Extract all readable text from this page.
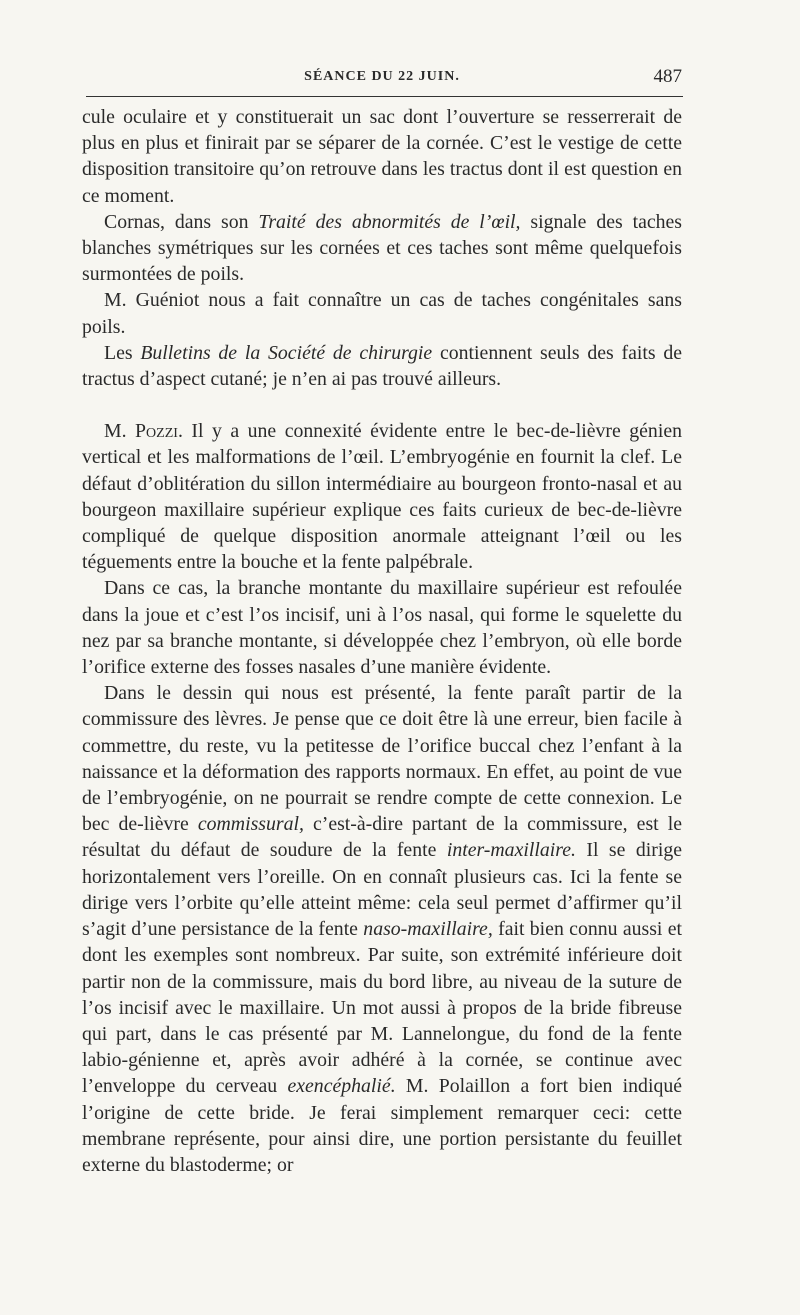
SÉANCE DU 22 JUIN.	487

cule oculaire et y constituerait un sac dont l’ouverture se resserrerait de plus en plus et finirait par se séparer de la cornée. C’est le vestige de cette disposition transitoire qu’on retrouve dans les tractus dont il est question en ce moment.

Cornas, dans son Traité des abnormités de l’œil, signale des taches blanches symétriques sur les cornées et ces taches sont même quelquefois surmontées de poils.

M. Guéniot nous a fait connaître un cas de taches congénitales sans poils.

Les Bulletins de la Société de chirurgie contiennent seuls des faits de tractus d’aspect cutané; je n’en ai pas trouvé ailleurs.

M. Pozzi. Il y a une connexité évidente entre le bec-de-lièvre génien vertical et les malformations de l’œil. L’embryogénie en fournit la clef. Le défaut d’oblitération du sillon intermédiaire au bourgeon fronto-nasal et au bourgeon maxillaire supérieur explique ces faits curieux de bec-de-lièvre compliqué de quelque disposition anormale atteignant l’œil ou les téguements entre la bouche et la fente palpébrale.

Dans ce cas, la branche montante du maxillaire supérieur est refoulée dans la joue et c’est l’os incisif, uni à l’os nasal, qui forme le squelette du nez par sa branche montante, si développée chez l’embryon, où elle borde l’orifice externe des fosses nasales d’une manière évidente.

Dans le dessin qui nous est présenté, la fente paraît partir de la commissure des lèvres. Je pense que ce doit être là une erreur, bien facile à commettre, du reste, vu la petitesse de l’orifice buccal chez l’enfant à la naissance et la déformation des rapports normaux. En effet, au point de vue de l’embryogénie, on ne pourrait se rendre compte de cette connexion. Le bec de-lièvre commissural, c’est-à-dire partant de la commissure, est le résultat du défaut de soudure de la fente inter-maxillaire. Il se dirige horizontalement vers l’oreille. On en connaît plusieurs cas. Ici la fente se dirige vers l’orbite qu’elle atteint même: cela seul permet d’affirmer qu’il s’agit d’une persistance de la fente naso-maxillaire, fait bien connu aussi et dont les exemples sont nombreux. Par suite, son extrémité inférieure doit partir non de la commissure, mais du bord libre, au niveau de la suture de l’os incisif avec le maxillaire. Un mot aussi à propos de la bride fibreuse qui part, dans le cas présenté par M. Lannelongue, du fond de la fente labio-génienne et, après avoir adhéré à la cornée, se continue avec l’enveloppe du cerveau exencéphalié. M. Polaillon a fort bien indiqué l’origine de cette bride. Je ferai simplement remarquer ceci: cette membrane représente, pour ainsi dire, une portion persistante du feuillet externe du blastoderme; or
